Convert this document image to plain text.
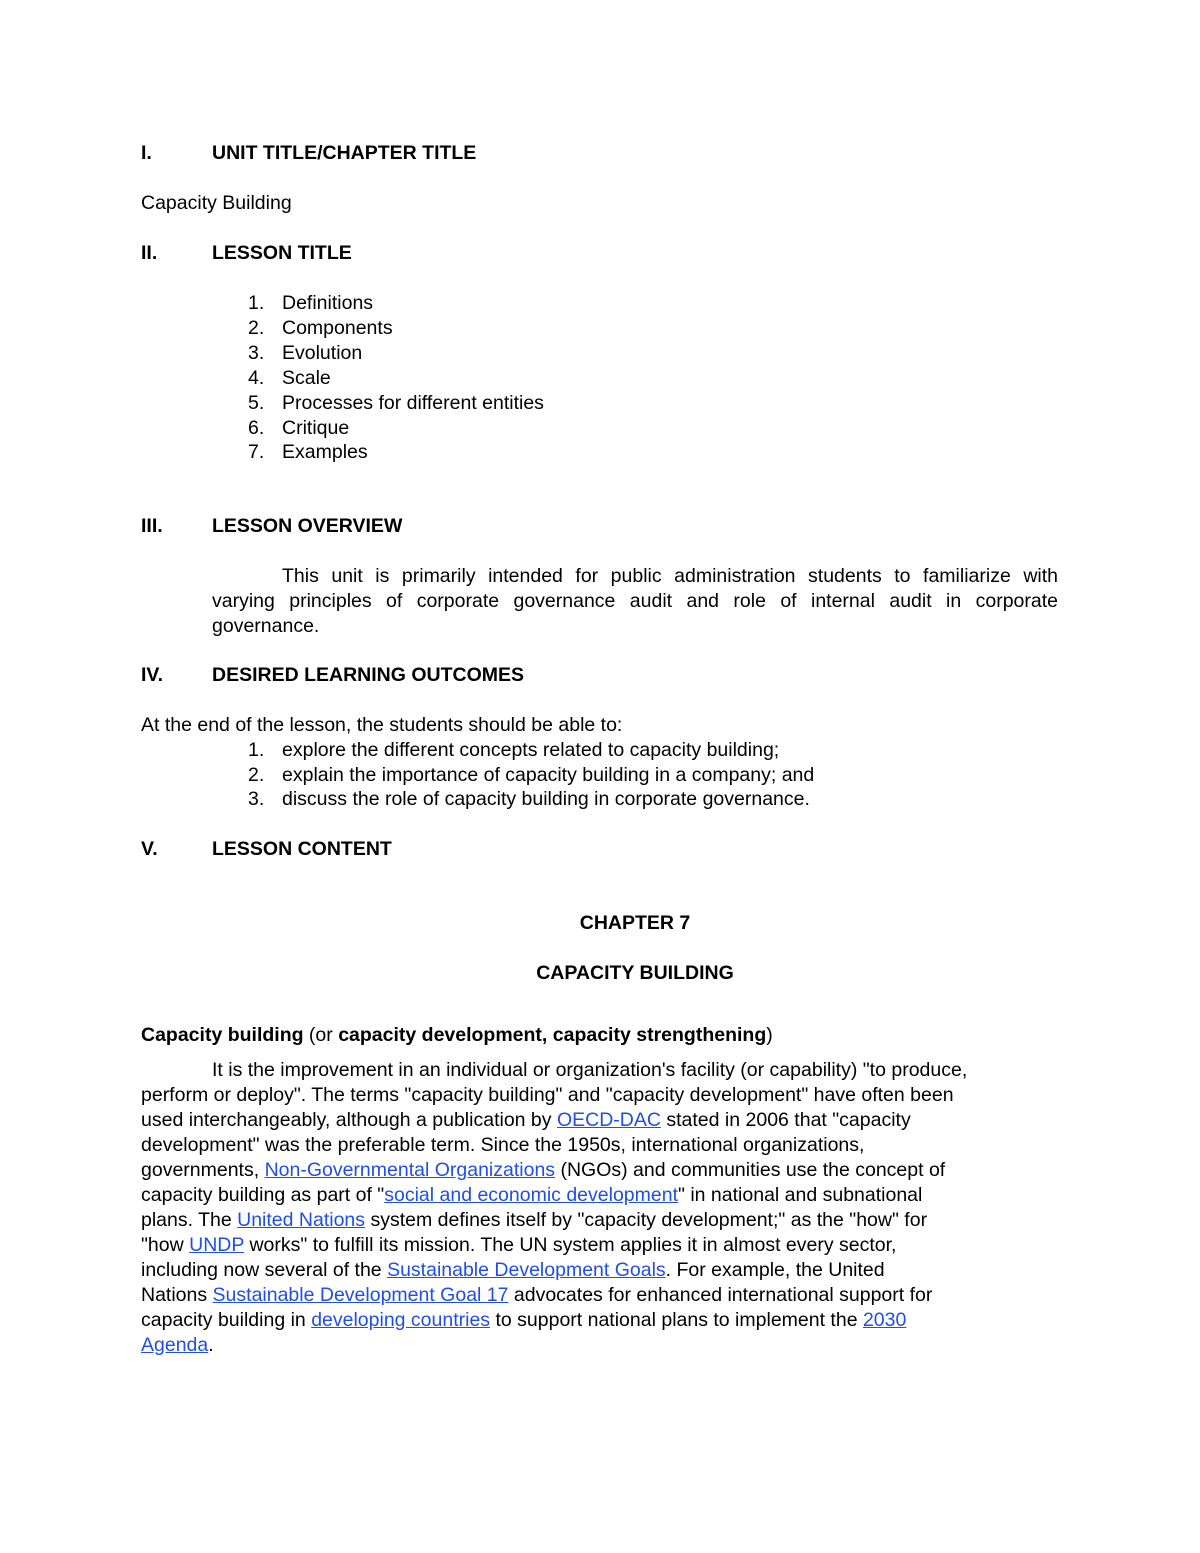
I.	UNIT TITLE/CHAPTER TITLE
Capacity Building
II.	LESSON TITLE
1. Definitions
2. Components
3. Evolution
4. Scale
5. Processes for different entities
6. Critique
7. Examples
III.	LESSON OVERVIEW
This unit is primarily intended for public administration students to familiarize with
varying principles of corporate governance audit and role of internal audit in corporate
governance.
IV.	DESIRED LEARNING OUTCOMES
At the end of the lesson, the students should be able to:
1. explore the different concepts related to capacity building;
2. explain the importance of capacity building in a company; and
3. discuss the role of capacity building in corporate governance.
V.	LESSON CONTENT
CHAPTER 7
CAPACITY BUILDING
Capacity building (or capacity development, capacity strengthening)
It is the improvement in an individual or organization's facility (or capability) "to produce,
perform or deploy". The terms "capacity building" and "capacity development" have often been
used interchangeably, although a publication by OECD-DAC stated in 2006 that "capacity
development" was the preferable term. Since the 1950s, international organizations,
governments, Non-Governmental Organizations (NGOs) and communities use the concept of
capacity building as part of "social and economic development" in national and subnational
plans. The United Nations system defines itself by "capacity development;" as the "how" for
"how UNDP works" to fulfill its mission. The UN system applies it in almost every sector,
including now several of the Sustainable Development Goals. For example, the United
Nations Sustainable Development Goal 17 advocates for enhanced international support for
capacity building in developing countries to support national plans to implement the 2030
Agenda.
